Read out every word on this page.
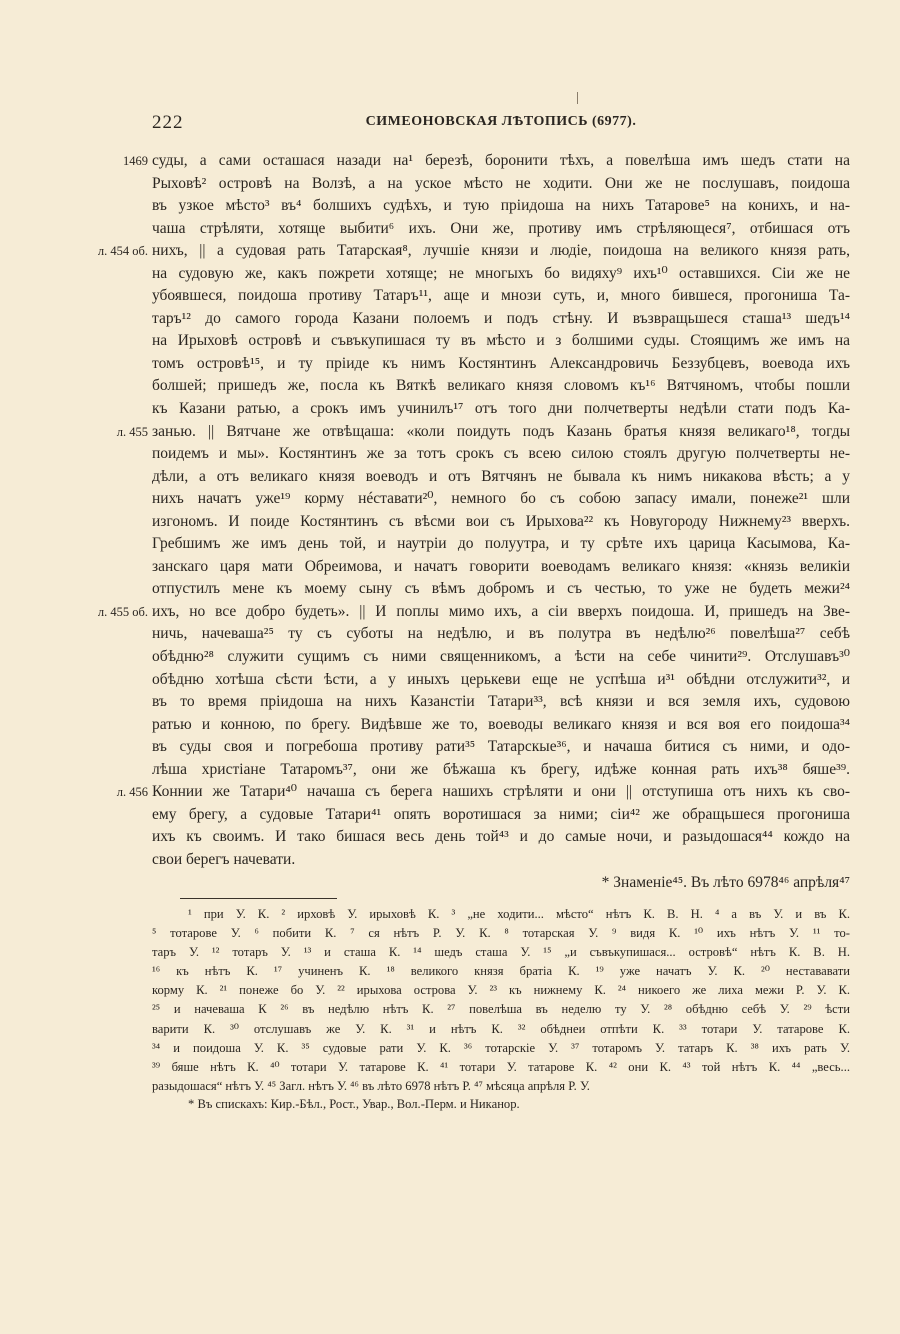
222	СИМЕОНОВСКАЯ ЛѢТОПИСЬ (6977).
1469
л. 454 об.
л. 455
л. 455 об.
л. 456
суды, а сами осташася назади на¹ березѣ, боронити тѣхъ, а повелѣша имъ шедъ стати на
Рыховѣ² островѣ на Волзѣ, а на уское мѣсто не ходити. Они же не послушавъ, поидоша
въ узкое мѣсто³ въ⁴ болшихъ судѣхъ, и тую пріидоша на нихъ Татарове⁵ на конихъ, и на-
чаша стрѣляти, хотяще выбити⁶ ихъ. Они же, противу имъ стрѣляющеся⁷, отбишася отъ
нихъ, || а судовая рать Татарская⁸, лучшіе князи и людіе, поидоша на великого князя рать,
на судовую же, какъ пожрети хотяще; не многыхъ бо видяху⁹ ихъ¹⁰ оставшихся. Сіи же не
убоявшеся, поидоша противу Татаръ¹¹, аще и мнози суть, и, много бившеся, прогониша Та-
таръ¹² до самого города Казани полоемъ и подъ стѣну. И възвращьшеся сташа¹³ шедъ¹⁴
на Ирыховѣ островѣ и съвъкупишася ту въ мѣсто и з болшими суды. Стоящимъ же имъ на
томъ островѣ¹⁵, и ту пріиде къ нимъ Костянтинъ Александровичь Беззубцевъ, воевода ихъ
болшей; пришедъ же, посла къ Вяткѣ великаго князя словомъ къ¹⁶ Вятчяномъ, чтобы пошли
къ Казани ратью, а срокъ имъ учинилъ¹⁷ отъ того дни полчетверты недѣли стати подъ Ка-
занью. || Вятчане же отвѣщаша: «коли поидуть подъ Казань братья князя великаго¹⁸, тогды
поидемъ и мы». Костянтинъ же за тотъ срокъ съ всею силою стоялъ другую полчетверты не-
дѣли, а отъ великаго князя воеводъ и отъ Вятчянъ не бывала къ нимъ никакова вѣсть; а у
нихъ начатъ уже¹⁹ корму нéставати²⁰, немного бо съ собою запасу имали, понеже²¹ шли
изгономъ. И поиде Костянтинъ съ вѣсми вои съ Ирыхова²² къ Новугороду Нижнему²³ вверхъ.
Гребшимъ же имъ день той, и наутріи до полуутра, и ту срѣте ихъ царица Касымова, Ка-
занскаго царя мати Обреимова, и начатъ говорити воеводамъ великаго князя: «князь великіи
отпустилъ мене къ моему сыну съ вѣмъ добромъ и съ честью, то уже не будеть межи²⁴
ихъ, но все добро будеть». || И поплы мимо ихъ, а сіи вверхъ поидоша. И, пришедъ на Зве-
ничь, начеваша²⁵ ту съ суботы на недѣлю, и въ полутра въ недѣлю²⁶ повелѣша²⁷ себѣ
обѣдню²⁸ служити сущимъ съ ними священникомъ, а ѣсти на себе чинити²⁹. Отслушавъ³⁰
обѣдню хотѣша сѣсти ѣсти, а у иныхъ церькеви еще не успѣша и³¹ обѣдни отслужити³², и
въ то время пріидоша на нихъ Казанстіи Татари³³, всѣ князи и вся земля ихъ, судовою
ратью и конною, по брегу. Видѣвше же то, воеводы великаго князя и вся воя его поидоша³⁴
въ суды своя и погребоша противу рати³⁵ Татарскые³⁶, и начаша битися съ ними, и одо-
лѣша христіане Татаромъ³⁷, они же бѣжаша къ брегу, идѣже конная рать ихъ³⁸ бяше³⁹.
Коннии же Татари⁴⁰ начаша съ берега нашихъ стрѣляти и они || отступиша отъ нихъ къ сво-
ему брегу, а судовые Татари⁴¹ опять воротишася за ними; сіи⁴² же обращьшеся прогониша
ихъ къ своимъ. И тако бишася весь день той⁴³ и до самые ночи, и разыдошася⁴⁴ кождо на
свои берегъ начевати.
* Знаменіе⁴⁵. Въ лѣто 6978⁴⁶ апрѣля⁴⁷
¹ при У. К. ² ирховѣ У. ирыховѣ К. ³ „не ходити... мѣсто“ нѣтъ К. В. Н. ⁴ а въ У. и въ К.
⁵ тотарове У. ⁶ побити К. ⁷ ся нѣтъ Р. У. К. ⁸ тотарская У. ⁹ видя К. ¹⁰ ихъ нѣтъ У. ¹¹ то-
таръ У. ¹² тотаръ У. ¹³ и сташа К. ¹⁴ шедъ сташа У. ¹⁵ „и съвъкупишася... островѣ“ нѣтъ К. В. Н.
¹⁶ къ нѣтъ К. ¹⁷ учиненъ К. ¹⁸ великого князя братіа К. ¹⁹ уже начатъ У. К. ²⁰ нестававати
корму К. ²¹ понеже бо У. ²² ирыхова острова У. ²³ къ нижнему К. ²⁴ никоего же лиха межи Р. У. К.
²⁵ и начеваша К ²⁶ въ недѣлю нѣтъ К. ²⁷ повелѣша въ неделю ту У. ²⁸ обѣдню себѣ У. ²⁹ ѣсти
варити К. ³⁰ отслушавъ же У. К. ³¹ и нѣтъ К. ³² обѣднеи отпѣти К. ³³ тотари У. татарове К.
³⁴ и поидоша У. К. ³⁵ судовые рати У. К. ³⁶ тотарскіе У. ³⁷ тотаромъ У. татаръ К. ³⁸ ихъ рать У.
³⁹ бяше нѣтъ К. ⁴⁰ тотари У. татарове К. ⁴¹ тотари У. татарове К. ⁴² они К. ⁴³ той нѣтъ К. ⁴⁴ „весь...
разыдошася“ нѣтъ У. ⁴⁵ Загл. нѣтъ У. ⁴⁶ въ лѣто 6978 нѣтъ Р. ⁴⁷ мѣсяца апрѣля Р. У.
* Въ спискахъ: Кир.-Бѣл., Рост., Увар., Вол.-Перм. и Никанор.
